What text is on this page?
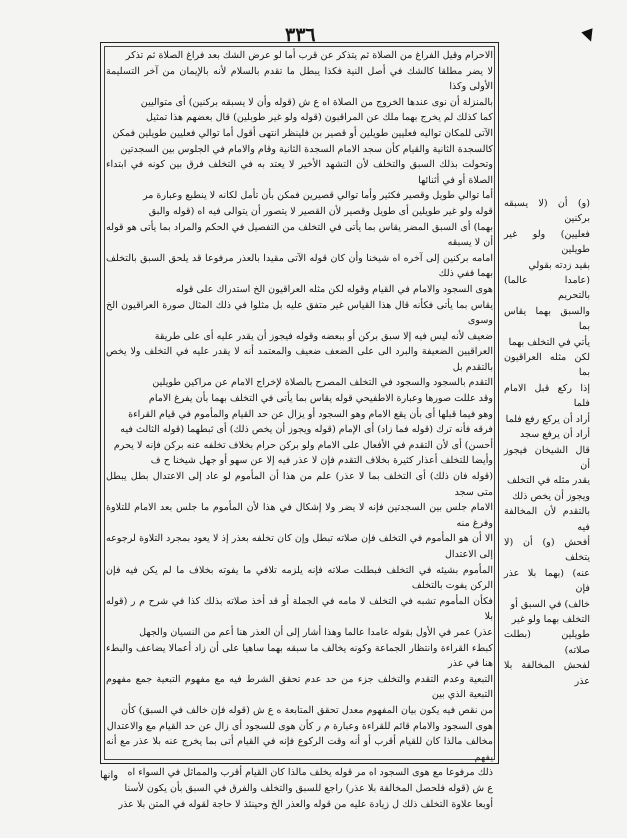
٣٣٦

الاحرام وقيل الفراغ من الصلاة ثم يتذكر عن قرب أما لو عرض الشك بعد فراغ الصلاة ثم تذكر

لا يضر مطلقا كالشك في أصل النية فكذا يبطل ما تقدم بالسلام لأنه بالإيمان من آخر التسليمة الأولى وكذا

بالمنزلة أن نوى عندها الخروج من الصلاة اه ع ش (قوله وأن لا يسبقه بركنين) أى متواليين

كما كذلك لم يخرج بهما ملك عن المراقبون (قوله ولو غير طوبلين) قال بعضهم هذا تمثيل

الآتى للمكان تواليه فعليين طويلين أو قصير بن فلينظر انتهى أقول أما توالي فعليين طويلين فمكن

كالسجدة الثانية والقيام كأن سجد الامام السجدة الثانية وقام والامام في الجلوس بين السجدتين

وتحولت بذلك السبق والتخلف لأن التشهد الأخير لا يعتد به في التخلف فرق بين كونه في ابتداء الصلاة أو في أثنائها

أما توالي طويل وقصير فكثير وأما توالي قصيرين فمكن بأن تأمل لكانه لا ينطبع وعبارة مر

قوله ولو غير طويلين أى طويل وقصير لأن القصير لا يتصور أن يتوالى فيه اه (قوله والبق

بهما) أى السبق المضر يقاس بما يأتى في التخلف من التفصيل في الحكم والمراد بما يأتى هو قوله أن لا يسبقه

امامه بركنين إلى آخره اه شيخنا وأن كان قوله الآتى مقيدا بالعذر مرفوعا قد يلحق السبق بالتخلف بهما ففي ذلك

هوى السجود والامام في القيام وقوله لكن مثله العراقيون الخ استدراك على قوله

يقاس بما يأتى فكأنه قال هذا القياس غير متفق عليه بل مثلوا في ذلك المثال صورة العراقيون الخ وسوى

ضعيف لأنه ليس فيه إلا سبق بركن أو ببعضه وقوله فيجوز أن يقدر عليه أى على طريقة

العراقيين الضعيفة والبرد الى على الضعف ضعيف والمعتمد أنه لا يقدر عليه في التخلف ولا يخص بالتقدم بل

التقدم بالسجود والسجود في التخلف المصرح بالصلاة لإخراج الامام عن مراكين طويلين

وقد عللت صورها وعبارة الاطفيحي قوله يقاس بما يأتى في التخلف بهما بأن يفرغ الامام

وهو فيما قبلها أى بأن يقع الامام وهو السجود أو يزال عن حد القيام والمأموم في قيام القراءة

فرقه فأنه ترك (قوله فما زاد) أى الإمام (قوله ويجوز أن يخص ذلك) أى ثبطهما (قوله الثالث فيه

أحسن) أى لأن التقدم في الأفعال على الامام ولو بركن حرام بخلاف تخلفه عنه بركن فإنه لا يحرم

وأيضا للتخلف أعذار كثيرة بخلاف التقدم فإن لا عذر فيه إلا عن سهو أو جهل شيخنا ح ف

(قوله فان ذلك) أى التخلف بما لا عذر) علم من هذا أن المأموم لو عاد إلى الاعتدال بطل يبطل متى سجد

الامام جلس بين السجدتين فإنه لا يضر ولا إشكال في هذا لأن المأموم ما جلس بعد الامام للتلاوة وفرغ منه

الا أن هو المأموم في التخلف فإن صلاته تبطل وإن كان تخلفه بعذر إذ لا يعود بمجرد التلاوة لرجوعه إلى الاعتدال

المأموم بشيئه في التخلف فبطلت صلاته فإنه يلزمه تلافي ما يفوته بخلاف ما لم يكن فيه فإن الركن يفوت بالتخلف

فكأن المأموم تشبه في التخلف لا مامه في الجملة أو قد أخذ صلاته بذلك كذا في شرح م ر (قوله بلا

عذر) عمر في الأول بقوله عامدا عالما وهذا أشار إلى أن العذر هنا أعم من النسيان والجهل

كبطء القراءة وانتظار الجماعة وكونه يخالف ما سبقه بهما ساهيا على أن زاد أعمالا يضاعف والبطء هنا في عذر

التبعية وعدم التقدم والتخلف جزء من حد عدم تحقق الشرط فيه مع مفهوم التبعية جمع مفهوم التبعية الذي بين

من نقص فيه يكون بيان المفهوم معدل تحقق المتابعة ه ع ش (قوله فإن خالف في السبق) كأن

هوى السجود والامام قائم للقراءة وعبارة م ر كأن هوى للسجود أى زال عن حد القيام مع والاعتدال

مخالف مالذا كان للقيام أقرب أو أنه وقت الركوع فإنه في القيام أتى بما يخرج عنه بلا عذر مع أنه يفهم

ذلك مرفوعا مع هوى السجود اه مر قوله يخلف مالذا كان القيام أقرب والمماثل في السواء اه

ع ش (قوله فلحصل المخالفة بلا عذر) راجع للسبق والتخلف والفرق في السبق بأن يكون لأسنا

أوبعا علاوة التخلف ذلك ل زيادة عليه من قوله والعذر الخ وحينئذ لا حاجة لقوله في المتن بلا عذر

(و) أن (لا يسبقه بركنين

فعليين) ولو غير طويلين

بقيد زدته بقولي

(عامدا عالما) بالتحريم

والسبق بهما يقاس بما

يأتي في التخلف بهما

لكن مثله العراقيون بما

إذا ركع قبل الامام فلما

أراد أن يركع رفع فلما

أراد أن يرفع سجد

قال الشيخان فيجوز أن

يقدر مثله في التخلف

ويجوز أن يخص ذلك

بالتقدم لأن المخالفة فيه

أفحش (و) أن (لا يتخلف

عنه) (بهما بلا عذر فإن

خالف) في السبق أو

التخلف بهما ولو غير

طويلين (بطلت صلاته)

لفحش المخالفة بلا عذر

وانها
